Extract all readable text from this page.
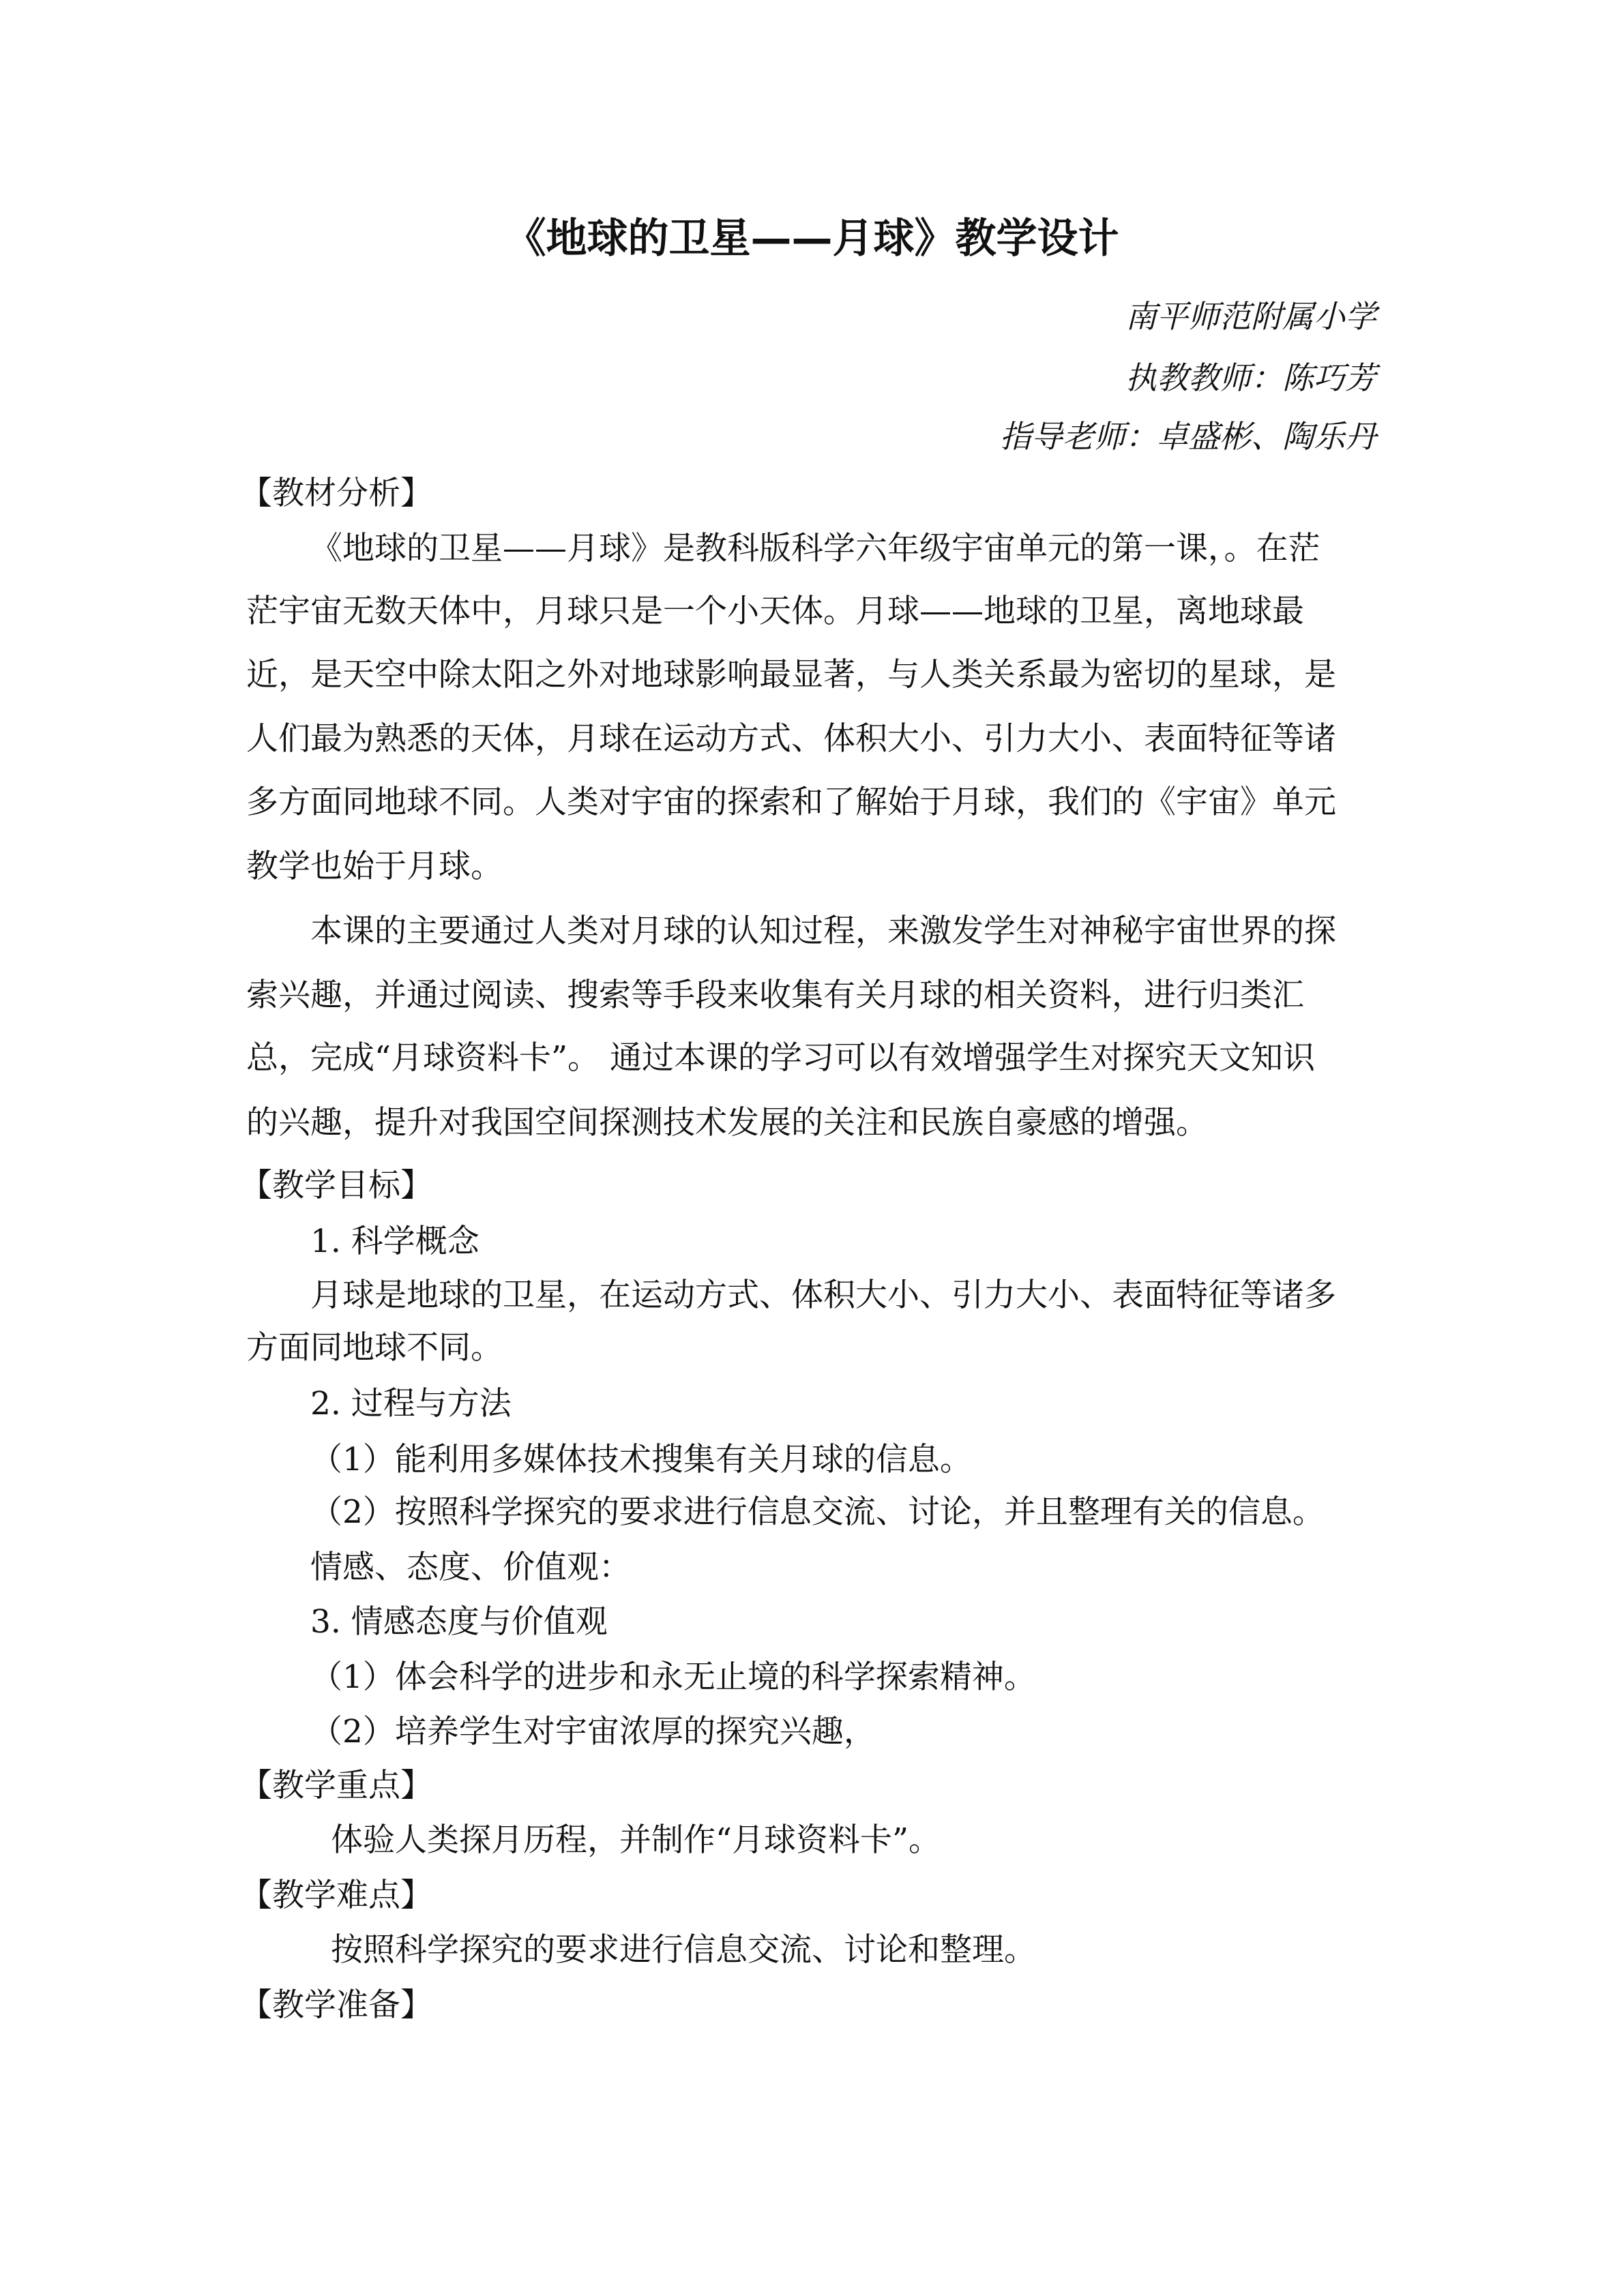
《地球的卫星——月球》教学设计
南平师范附属小学
执教教师：陈巧芳
指导老师：卓盛彬、陶乐丹
【教材分析】
《地球的卫星——月球》是教科版科学六年级宇宙单元的第一课，。在茫
茫宇宙无数天体中，月球只是一个小天体。月球——地球的卫星，离地球最
近，是天空中除太阳之外对地球影响最显著，与人类关系最为密切的星球，是
人们最为熟悉的天体，月球在运动方式、体积大小、引力大小、表面特征等诸
多方面同地球不同。人类对宇宙的探索和了解始于月球，我们的《宇宙》单元
教学也始于月球。
本课的主要通过人类对月球的认知过程，来激发学生对神秘宇宙世界的探
索兴趣，并通过阅读、搜索等手段来收集有关月球的相关资料，进行归类汇
总，完成“月球资料卡”。 通过本课的学习可以有效增强学生对探究天文知识
的兴趣，提升对我国空间探测技术发展的关注和民族自豪感的增强。
【教学目标】
1. 科学概念
月球是地球的卫星，在运动方式、体积大小、引力大小、表面特征等诸多
方面同地球不同。
2. 过程与方法
（1）能利用多媒体技术搜集有关月球的信息。
（2）按照科学探究的要求进行信息交流、讨论，并且整理有关的信息。
情感、态度、价值观：
3. 情感态度与价值观
（1）体会科学的进步和永无止境的科学探索精神。
（2）培养学生对宇宙浓厚的探究兴趣，
【教学重点】
体验人类探月历程，并制作“月球资料卡”。
【教学难点】
按照科学探究的要求进行信息交流、讨论和整理。
【教学准备】
